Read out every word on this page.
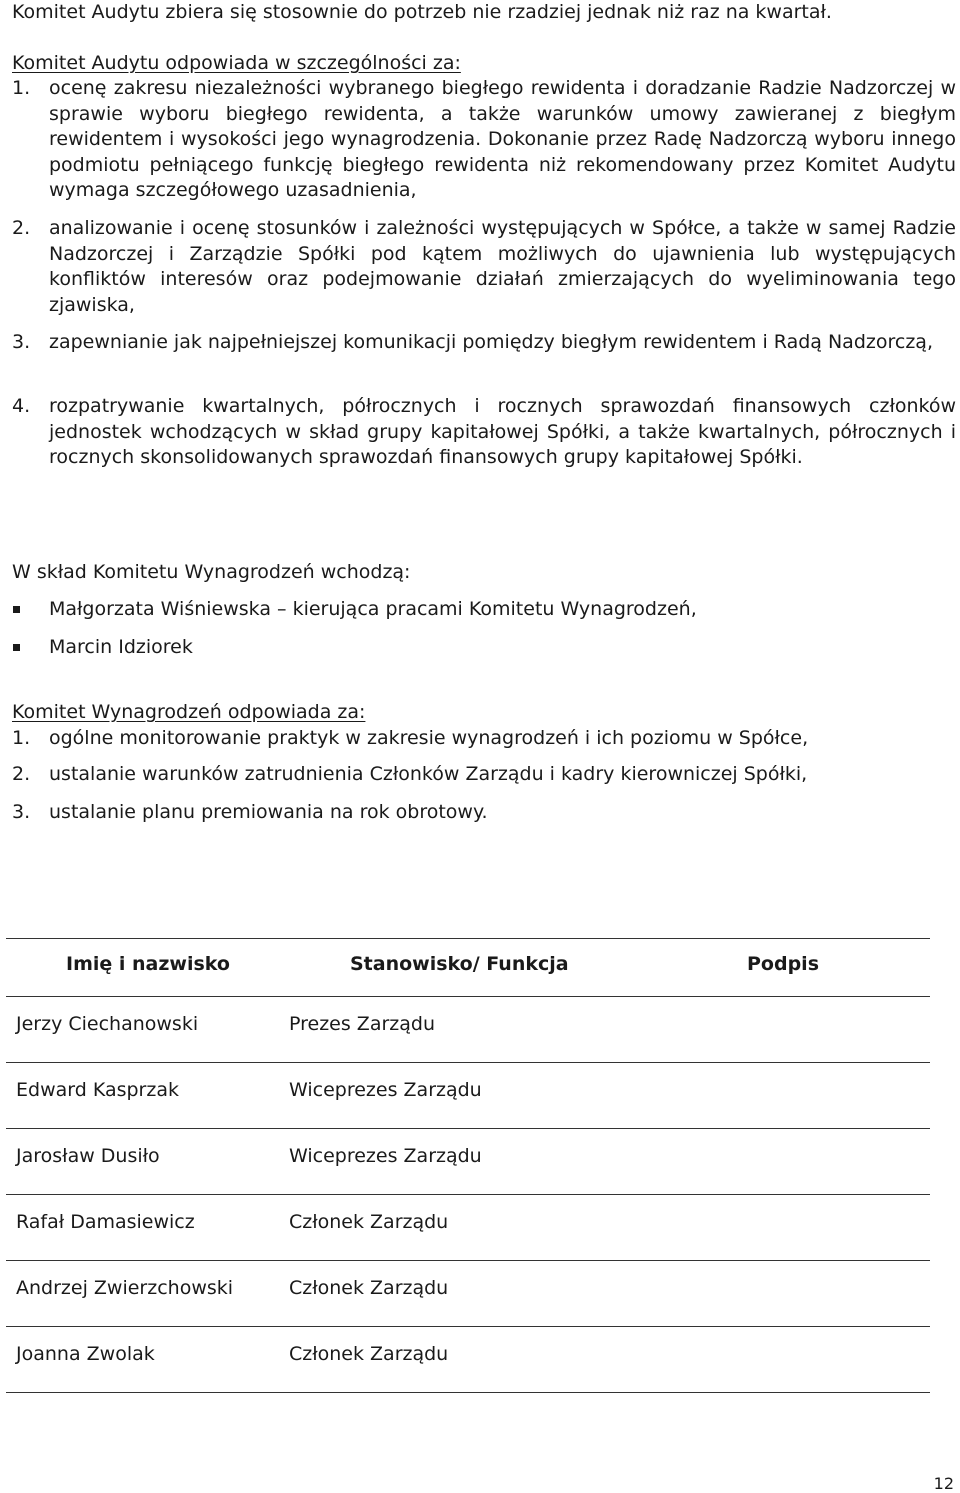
Komitet Audytu zbiera się stosownie do potrzeb nie rzadziej jednak niż raz na kwartał.

Komitet Audytu odpowiada w szczególności za:

1. ocenę zakresu niezależności wybranego biegłego rewidenta i doradzanie Radzie Nadzorczej w sprawie wyboru biegłego rewidenta, a także warunków umowy zawieranej z biegłym rewidentem i wysokości jego wynagrodzenia. Dokonanie przez Radę Nadzorczą wyboru innego podmiotu pełniącego funkcję biegłego rewidenta niż rekomendowany przez Komitet Audytu wymaga szczegółowego uzasadnienia,
2. analizowanie i ocenę stosunków i zależności występujących w Spółce, a także w samej Radzie Nadzorczej i Zarządzie Spółki pod kątem możliwych do ujawnienia lub występujących konfliktów interesów oraz podejmowanie działań zmierzających do wyeliminowania tego zjawiska,
3. zapewnianie jak najpełniejszej komunikacji pomiędzy biegłym rewidentem i Radą Nadzorczą,
4. rozpatrywanie kwartalnych, półrocznych i rocznych sprawozdań finansowych członków jednostek wchodzących w skład grupy kapitałowej Spółki, a także kwartalnych, półrocznych i rocznych skonsolidowanych sprawozdań finansowych grupy kapitałowej Spółki.

W skład Komitetu Wynagrodzeń wchodzą:

Małgorzata Wiśniewska – kierująca pracami Komitetu Wynagrodzeń,
Marcin Idziorek

Komitet Wynagrodzeń odpowiada za:

1. ogólne monitorowanie praktyk w zakresie wynagrodzeń i ich poziomu w Spółce,
2. ustalanie warunków zatrudnienia Członków Zarządu i kadry kierowniczej Spółki,
3. ustalanie planu premiowania na rok obrotowy.
Imię i nazwisko	Stanowisko/ Funkcja	Podpis
Jerzy Ciechanowski	Prezes Zarządu
Edward Kasprzak	Wiceprezes Zarządu
Jarosław Dusiło	Wiceprezes Zarządu
Rafał Damasiewicz	Członek Zarządu
Andrzej Zwierzchowski	Członek Zarządu
Joanna Zwolak	Członek Zarządu
12
